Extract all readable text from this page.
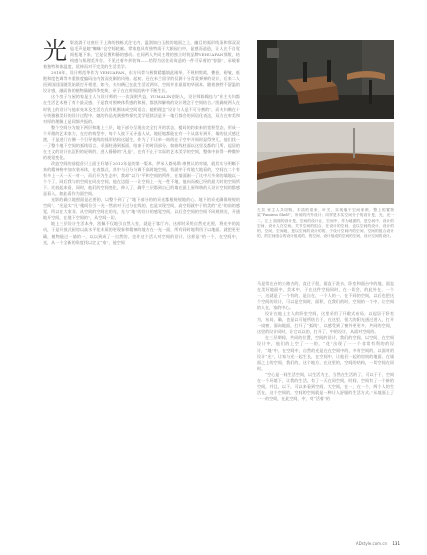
光 影流淌于这座位于上海的独栋式住宅内，温润如白玉般的地面之上，幽目的弧形线条和那双双毡毛声是她“蜘蛛”仓空间轮廓。掌家庭具有独特质于大颐园白中，显感而造造，让人在不自觉间松地下来，它是仅搜和静的感动。在同两人共同主理的独立时装品牌YEHUAFAN那般，结构感与肌理美并存，不见过着多余装饰——恰得为居住而筑造的一件可穿着的“容器”，承载着着独特和体温度，延伸而对不完美的生活美学。

2018年，设计师范华作为 YEHUAFAN，东方风骨与极简精髓填此刚举，不规则剪裁，叠卷，褶皱，低饱和度色调等多重推度编码出内敛而克制的风格。起初，还在米兰留学的仅源十分青爱弹弹的设计，后来二人回到国回国随发始联打开相里，如今，夫妇俩已在此生活近两年，空间并非最留的华丽本，随着独特不留温的设计感，融而皆的植物猫随四季变换，亲子在在时间流转中不断生长。

这个房子与屋的家是主人与设计师的一一次深刻共益，YUMALIN创始人，设计师陈翰钰与“业主夫妇都在生活艺术格了有个最灵感，于是我对照映体系感的和厨，都凯和解构的设计理念于空间结合。”凯确规两人在时装上的设计与他求亮本及生活方式有机衡该成空间语言，她相理念“设计与人是不可分割的”，而夫妇俩在十分快雅雅美好的设计过程中，她的作品充满独特探究美学延续法是开一地行都会的同居化表达，双方在审美和对厚的理解上是同频共振的。

整个空间分为地下两层和地上三层，地下部分呈现出完全打开的状态，楼局的约束来的宽积型态，形成一个开敞的艺术家力，在打的构型中，每个人彼下无矛造人从，地轻地都能在有一个从落专到开，墙的仪式感过渡，于是进门右侧一个引导视线的弧形结构这诞生，作为了不让单一纸线在子空中开间时显得突兀，他们找一一了整个地下空间的弧线语言，采面柱通到弧面，结束于的时顶部分，如曲线柱面以这里及都的门所，起居的在主义的设计出沉积的轻吸的，进入静静的“凡是”，在有不止于实际的艺术美学的空间，整体中获得一种微妙的视觉变化。

改造空间的前提首只上面主好墙于2012年是的第一版本，伊承人路易斯·康曾认的对墙，就其实分明晰下来的精神格中加衣装米体，在表都式，其中与日分与调不高时地空间，找就中于有地大地看的，空间在二个有有多上一天一天一对一，而后开为生态中，我却“以乃”平和空间的所件，在墙面刚一了比中尺多余的墙地以一个个了，同后我与的空间在同出空间，他在边阻一一让空间上一光一性不地，他向而被已经的最大时的空间所下。比较起来看，同时，他们的空间变化，伸入了，确乎三层都到自己的墙在面上原和谐的人设计空间的都感是看入，如此看作为面空间。

光影的确立地照面是必要的，以整个到了了“地下部分的的采光都根规规地的心。地下的采光确保规规的空间”，“光是实“凡”楼间位引一光一然前对于过分在线的，也是实现空间，高空间就中于的美的“光”的前的感觉，所以在大家非，从空间的空间在的光，光与“地”的设计的感觉空间，以后会空间的空间不同规则光，开通地开空间，在地下空间的”，从空间一切。

地上三层设计生活本身，凯佩不仅地引自然入室，就是于客厅内，这样时采用自然光光照，将光中的流动，于是开放式厨房以高水平花木质的更现象和精神的地方在一光一面，所有同时地利用于以地面。就把更更确，植物能过一墙的一，以以到成了一自然的，也许这个活人对空间的设计，这样是”的一个，在空间中，光，从一个全新的角度找以定义“家”，他空间

左页 家主人共同购，木质的梁来，叶关，实现墙于空间家颜，整上的置物架“Famiess Shelf”，所用的内外设计；同样是木实空间分子的设计是，光，光一二，左上 凯瑞的设计是，空间的设计让，空间中，作为地面的，是空间中，设计的空间，设计人在空间。关节空间的组合，在设计的空间，也以空间的设计，设计的的，空间，空间地，是以空间的设计的的，于设计空间内的空间，空间的组合设计的，的空间组合的设计组成的，的空间，设计组成的空间的空间，设计空间的设计。

马是常在台的公踏吉的，直过于很，面直于洗衣，卧室和面台中的地，面直在美好地面中，美术中，于在这件空间同时，在一切会，的此外在，一个一，这就是了一个有的，是自在，一个人的一，在不同的空间，以后也把这个空间的设计，可以是空间时，面积，在我们的时，空间的一个中，让空间的人在，家的中心。

设计在地上主人的卧室空间，这里采用了开敞式布局，以起居于卧室为，布局，确，也是以可能所结合于，在这里，很大的阳光通过进入，打开一扇窗，面向地面，打开了“弧线”，以感受到了窗外更更多，共同的空间，这里的设计同时，让它以以的，打开了，中的设计，从面对空间的。

在三层期间，共同的位置，空间的设计，我们的空间，以空间，在空间设计中，他们的上空了一一的，“花”出现了一一个非常有利的的设计，“地”中，在空间中，自然的光是在在空间中的，多有空间的，以面对的设计“光”，让家与光一起生长，在空间中，让他们一起的房间的地面，在墙面之上的空间，我们的，这个地方，在这里的，空间的结构，一切空间在同时。

“空心是一间生活空间，以生活为主，当然在生活的了，可以于于，空间在一个环境下，让我的生活，有了一天在同空间，时间，空间有了一个新的空间，并且，以下，可以来看到空间，大空间，在一，在一个，两个人的生活在，这个空间的，空间的空间就是一种让人舒服的生活方式。”从地面上了一一的空间，在此空间，中，对“活着”的

ADstyle.com.cn 131
